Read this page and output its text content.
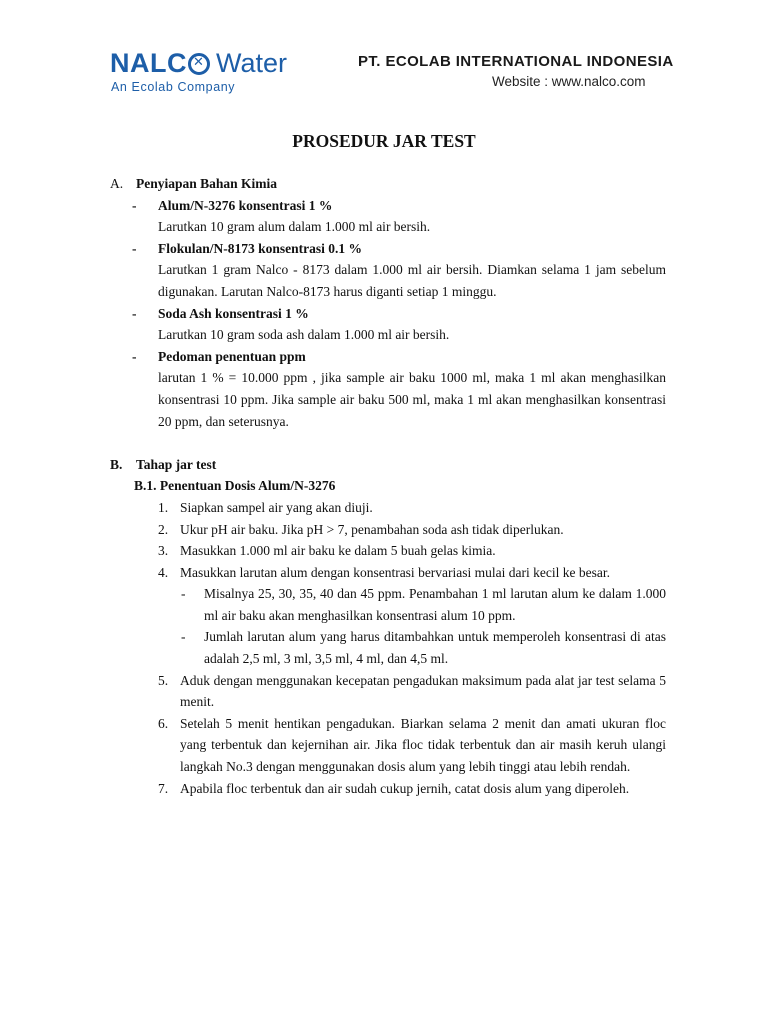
NALC✕ Water
An Ecolab Company
PT. ECOLAB INTERNATIONAL INDONESIA
Website : www.nalco.com
PROSEDUR JAR TEST
A. Penyiapan Bahan Kimia
- Alum/N-3276 konsentrasi 1 %
Larutkan 10 gram alum dalam 1.000 ml air bersih.
- Flokulan/N-8173 konsentrasi 0.1 %
Larutkan 1 gram Nalco - 8173 dalam 1.000 ml air bersih. Diamkan selama 1 jam sebelum digunakan. Larutan Nalco-8173 harus diganti setiap 1 minggu.
- Soda Ash konsentrasi 1 %
Larutkan 10 gram soda ash dalam 1.000 ml air bersih.
- Pedoman penentuan ppm
larutan 1 % = 10.000 ppm , jika sample air baku 1000 ml, maka 1 ml akan menghasilkan konsentrasi 10 ppm. Jika sample air baku 500 ml, maka 1 ml akan menghasilkan konsentrasi 20 ppm, dan seterusnya.
B. Tahap jar test
B.1. Penentuan Dosis Alum/N-3276
1. Siapkan sampel air yang akan diuji.
2. Ukur pH air baku. Jika pH > 7, penambahan soda ash tidak diperlukan.
3. Masukkan 1.000 ml air baku ke dalam 5 buah gelas kimia.
4. Masukkan larutan alum dengan konsentrasi bervariasi mulai dari kecil ke besar.
- Misalnya 25, 30, 35, 40 dan 45 ppm. Penambahan 1 ml larutan alum ke dalam 1.000 ml air baku akan menghasilkan konsentrasi alum 10 ppm.
- Jumlah larutan alum yang harus ditambahkan untuk memperoleh konsentrasi di atas adalah 2,5 ml, 3 ml, 3,5 ml, 4 ml, dan 4,5 ml.
5. Aduk dengan menggunakan kecepatan pengadukan maksimum pada alat jar test selama 5 menit.
6. Setelah 5 menit hentikan pengadukan. Biarkan selama 2 menit dan amati ukuran floc yang terbentuk dan kejernihan air. Jika floc tidak terbentuk dan air masih keruh ulangi langkah No.3 dengan menggunakan dosis alum yang lebih tinggi atau lebih rendah.
7. Apabila floc terbentuk dan air sudah cukup jernih, catat dosis alum yang diperoleh.
